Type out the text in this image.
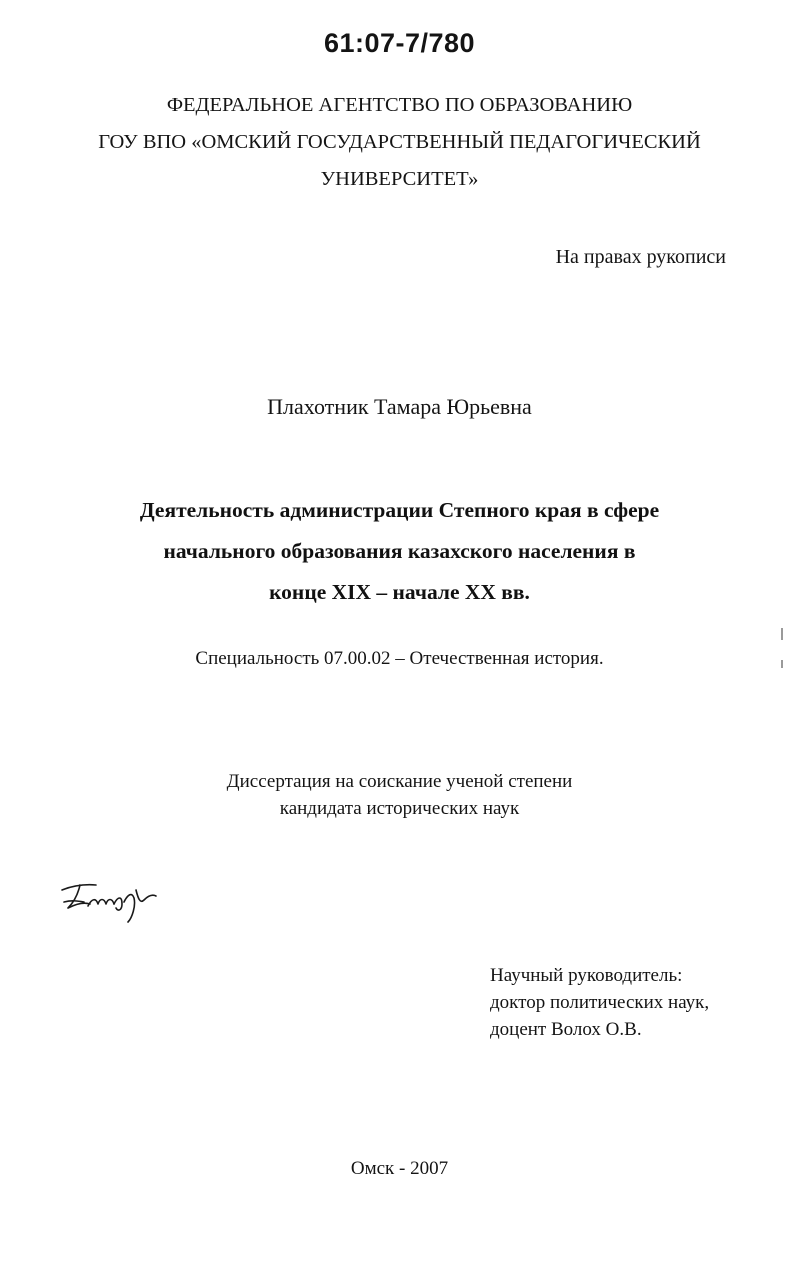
61:07-7/780
ФЕДЕРАЛЬНОЕ АГЕНТСТВО ПО ОБРАЗОВАНИЮ
ГОУ ВПО «ОМСКИЙ ГОСУДАРСТВЕННЫЙ ПЕДАГОГИЧЕСКИЙ
УНИВЕРСИТЕТ»
На правах рукописи
Плахотник Тамара Юрьевна
Деятельность администрации Степного края в сфере
начального образования казахского населения в
конце XIX – начале XX вв.
Специальность 07.00.02 – Отечественная история.
Диссертация на соискание ученой степени
кандидата исторических наук
Научный руководитель:
доктор политических наук,
доцент Волох О.В.
Омск - 2007
